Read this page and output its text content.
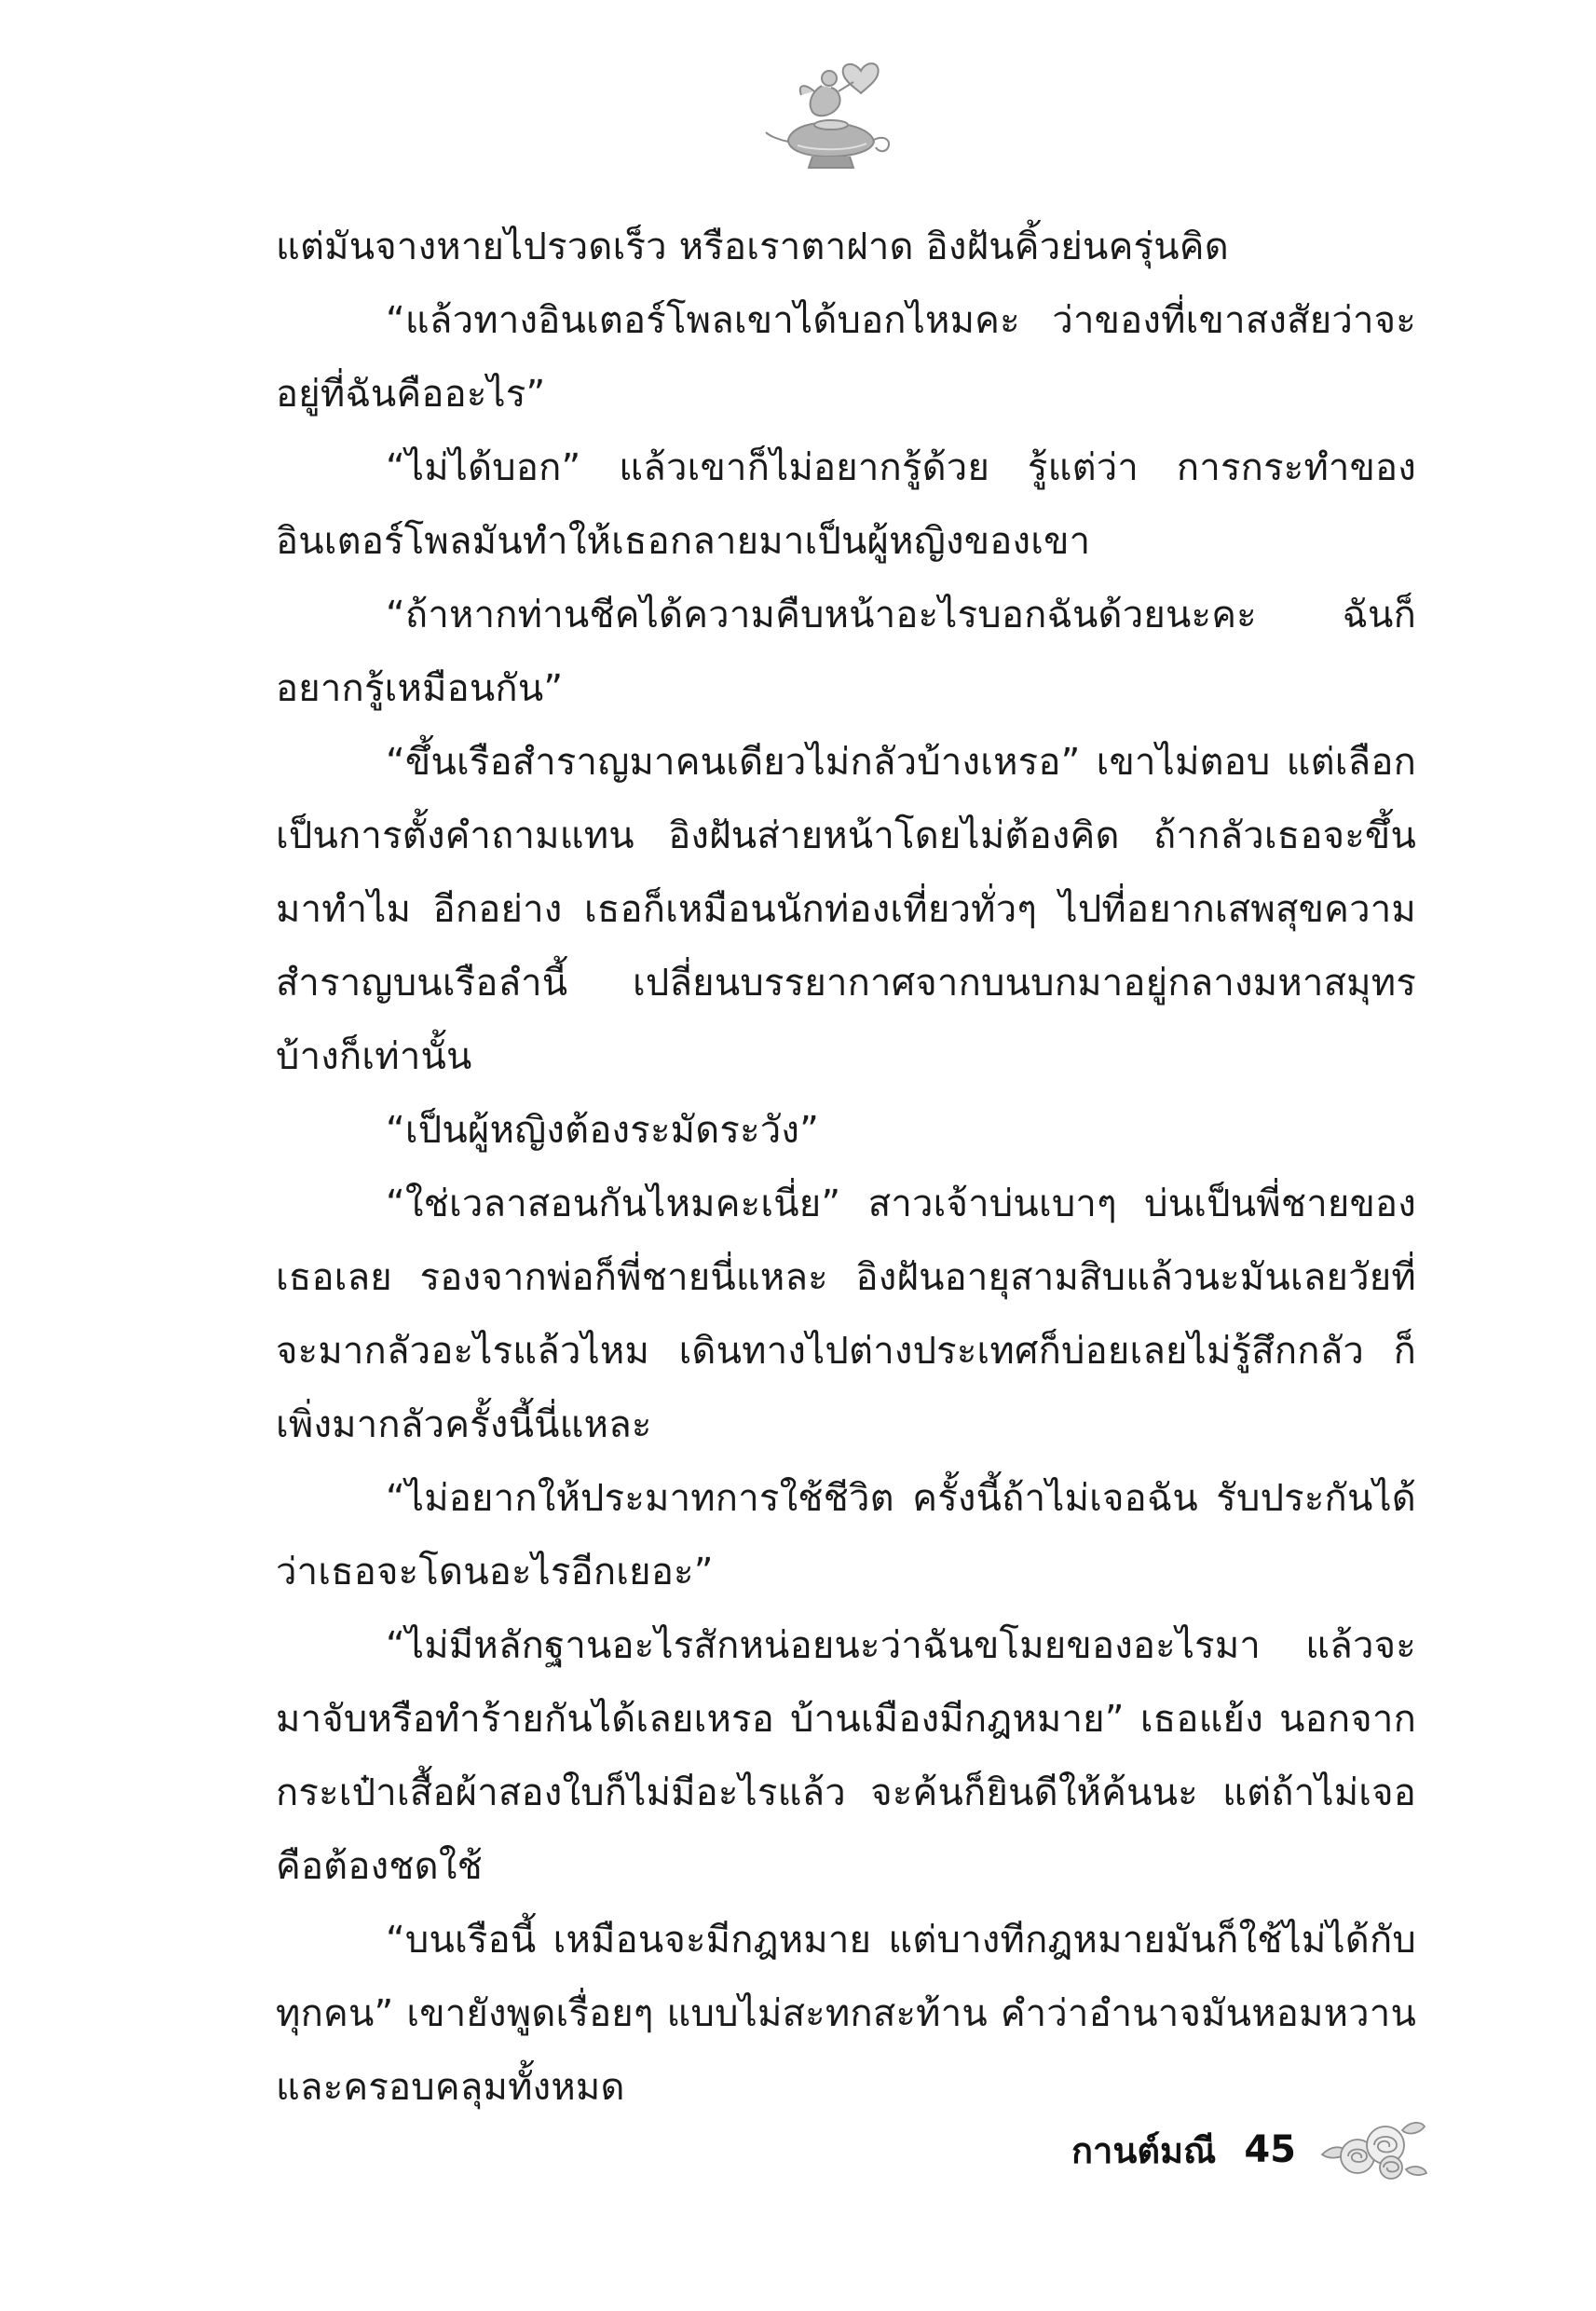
แต่มันจางหายไปรวดเร็ว หรือเราตาฝาด อิงฝันคิ้วย่นครุ่นคิด

“แล้วทางอินเตอร์โพลเขาได้บอกไหมคะ ว่าของที่เขาสงสัยว่าจะอยู่ที่ฉันคืออะไร”

“ไม่ได้บอก” แล้วเขาก็ไม่อยากรู้ด้วย รู้แต่ว่า การกระทำของอินเตอร์โพลมันทำให้เธอกลายมาเป็นผู้หญิงของเขา

“ถ้าหากท่านชีคได้ความคืบหน้าอะไรบอกฉันด้วยนะคะ ฉันก็อยากรู้เหมือนกัน”

“ขึ้นเรือสำราญมาคนเดียวไม่กลัวบ้างเหรอ” เขาไม่ตอบ แต่เลือกเป็นการตั้งคำถามแทน อิงฝันส่ายหน้าโดยไม่ต้องคิด ถ้ากลัวเธอจะขึ้นมาทำไม อีกอย่าง เธอก็เหมือนนักท่องเที่ยวทั่วๆ ไปที่อยากเสพสุขความสำราญบนเรือลำนี้ เปลี่ยนบรรยากาศจากบนบกมาอยู่กลางมหาสมุทรบ้างก็เท่านั้น

“เป็นผู้หญิงต้องระมัดระวัง”

“ใช่เวลาสอนกันไหมคะเนี่ย” สาวเจ้าบ่นเบาๆ บ่นเป็นพี่ชายของเธอเลย รองจากพ่อก็พี่ชายนี่แหละ อิงฝันอายุสามสิบแล้วนะมันเลยวัยที่จะมากลัวอะไรแล้วไหม เดินทางไปต่างประเทศก็บ่อยเลยไม่รู้สึกกลัว ก็เพิ่งมากลัวครั้งนี้นี่แหละ

“ไม่อยากให้ประมาทการใช้ชีวิต ครั้งนี้ถ้าไม่เจอฉัน รับประกันได้ว่าเธอจะโดนอะไรอีกเยอะ”

“ไม่มีหลักฐานอะไรสักหน่อยนะว่าฉันขโมยของอะไรมา แล้วจะมาจับหรือทำร้ายกันได้เลยเหรอ บ้านเมืองมีกฎหมาย” เธอแย้ง นอกจากกระเป๋าเสื้อผ้าสองใบก็ไม่มีอะไรแล้ว จะค้นก็ยินดีให้ค้นนะ แต่ถ้าไม่เจอคือต้องชดใช้

“บนเรือนี้ เหมือนจะมีกฎหมาย แต่บางทีกฎหมายมันก็ใช้ไม่ได้กับทุกคน” เขายังพูดเรื่อยๆ แบบไม่สะทกสะท้าน คำว่าอำนาจมันหอมหวานและครอบคลุมทั้งหมด

กานต์มณี 45
